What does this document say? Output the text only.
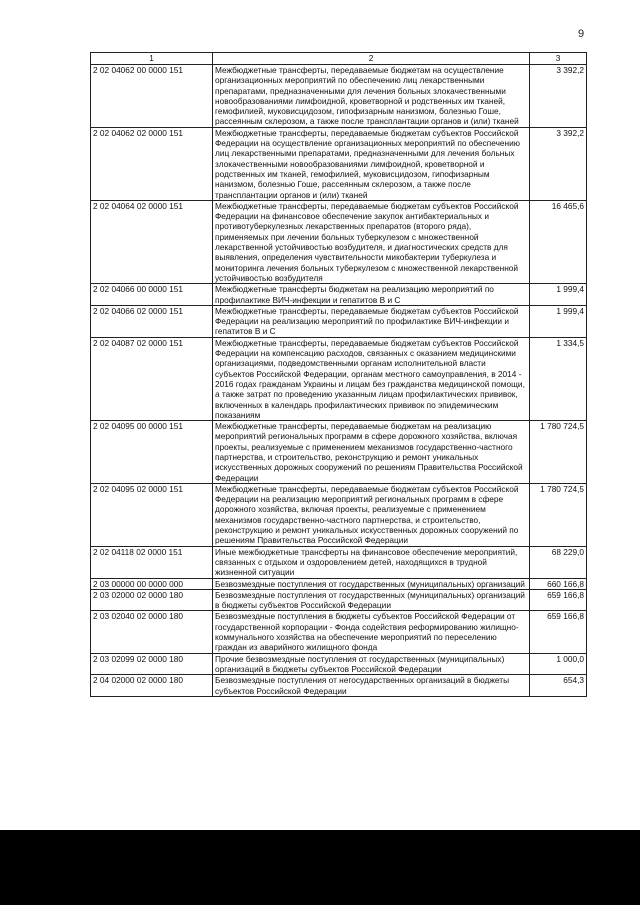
9
1	2	3
2 02 04062 00 0000 151	Межбюджетные трансферты, передаваемые бюджетам на осуществление организационных мероприятий по обеспечению лиц лекарственными препаратами, предназначенными для лечения больных злокачественными новообразованиями лимфоидной, кроветворной и родственных им тканей, гемофилией, муковисцидозом, гипофизарным нанизмом, болезнью Гоше, рассеянным склерозом, а также после трансплантации органов и (или) тканей	3 392,2
2 02 04062 02 0000 151	Межбюджетные трансферты, передаваемые бюджетам субъектов Российской Федерации на осуществление организационных мероприятий по обеспечению лиц лекарственными препаратами, предназначенными для лечения больных злокачественными новообразованиями лимфоидной, кроветворной и родственных им тканей, гемофилией, муковисцидозом, гипофизарным нанизмом, болезнью Гоше, рассеянным склерозом, а также после трансплантации органов и (или) тканей	3 392,2
2 02 04064 02 0000 151	Межбюджетные трансферты, передаваемые бюджетам субъектов Российской Федерации на финансовое обеспечение закупок антибактериальных и противотуберкулезных лекарственных препаратов (второго ряда), применяемых при лечении больных туберкулезом с множественной лекарственной устойчивостью возбудителя, и диагностических средств для выявления, определения чувствительности микобактерии туберкулеза и мониторинга лечения больных туберкулезом с множественной лекарственной устойчивостью возбудителя	16 465,6
2 02 04066 00 0000 151	Межбюджетные трансферты бюджетам на реализацию мероприятий по профилактике ВИЧ-инфекции и гепатитов В и С	1 999,4
2 02 04066 02 0000 151	Межбюджетные трансферты, передаваемые бюджетам субъектов Российской Федерации на реализацию мероприятий по профилактике ВИЧ-инфекции и гепатитов В и С	1 999,4
2 02 04087 02 0000 151	Межбюджетные трансферты, передаваемые бюджетам субъектов Российской Федерации на компенсацию расходов, связанных с оказанием медицинскими организациями, подведомственными органам исполнительной власти субъектов Российской Федерации, органам местного самоуправления, в 2014 - 2016 годах гражданам Украины и лицам без гражданства медицинской помощи, а также затрат по проведению указанным лицам профилактических прививок, включенных в календарь профилактических прививок по эпидемическим показаниям	1 334,5
2 02 04095 00 0000 151	Межбюджетные трансферты, передаваемые бюджетам на реализацию мероприятий региональных программ в сфере дорожного хозяйства, включая проекты, реализуемые с применением механизмов государственно-частного партнерства, и строительство, реконструкцию и ремонт уникальных искусственных дорожных сооружений по решениям Правительства Российской Федерации	1 780 724,5
2 02 04095 02 0000 151	Межбюджетные трансферты, передаваемые бюджетам субъектов Российской Федерации на реализацию мероприятий региональных программ в сфере дорожного хозяйства, включая проекты, реализуемые с применением механизмов государственно-частного партнерства, и строительство, реконструкцию и ремонт уникальных искусственных дорожных сооружений по решениям Правительства Российской Федерации	1 780 724,5
2 02 04118 02 0000 151	Иные межбюджетные трансферты на финансовое обеспечение мероприятий, связанных с отдыхом и оздоровлением детей, находящихся в трудной жизненной ситуации	68 229,0
2 03 00000 00 0000 000	Безвозмездные поступления от государственных (муниципальных) организаций	660 166,8
2 03 02000 02 0000 180	Безвозмездные поступления от государственных (муниципальных) организаций в бюджеты субъектов Российской Федерации	659 166,8
2 03 02040 02 0000 180	Безвозмездные поступления в бюджеты субъектов Российской Федерации от государственной корпорации - Фонда содействия реформированию жилищно-коммунального хозяйства на обеспечение мероприятий по переселению граждан из аварийного жилищного фонда	659 166,8
2 03 02099 02 0000 180	Прочие безвозмездные поступления от государственных (муниципальных) организаций в бюджеты субъектов Российской Федерации	1 000,0
2 04 02000 02 0000 180	Безвозмездные поступления от негосударственных организаций в бюджеты субъектов Российской Федерации	654,3
